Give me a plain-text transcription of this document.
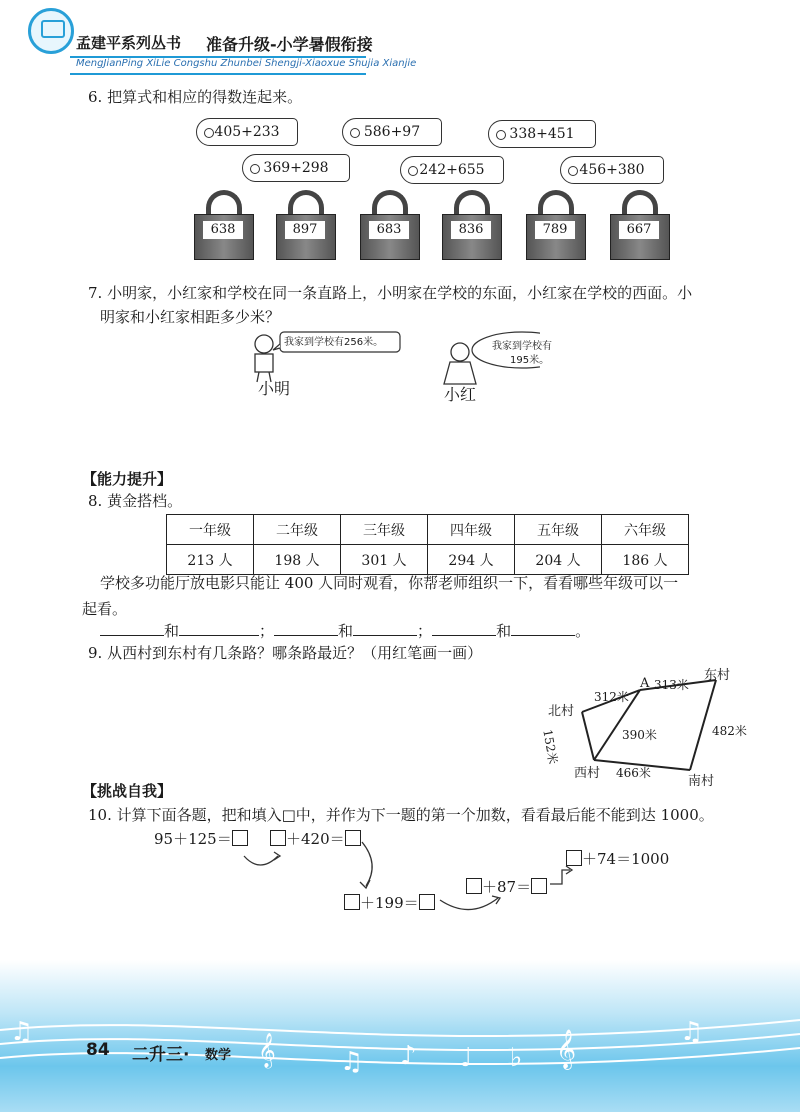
孟建平系列丛书 准备升级-小学暑假衔接
MengJianPing XiLie Congshu Zhunbei Shengji-Xiaoxue Shujia Xianjie
6. 把算式和相应的得数连起来。
405+233	586+97	338+451
369+298	242+655	456+380
638	897	683	836	789	667
7. 小明家，小红家和学校在同一条直路上，小明家在学校的东面，小红家在学校的西面。小
明家和小红家相距多少米？
我家到学校有256米。	我家到学校有
195米。
小明	小红
【能力提升】
8. 黄金搭档。
一年级	二年级	三年级	四年级	五年级	六年级
213 人	198 人	301 人	294 人	204 人	186 人
学校多功能厅放电影只能让 400 人同时观看，你帮老师组织一下，看看哪些年级可以一
起看。
和	；	和	；	和	。
9. 从西村到东村有几条路？哪条路最近？（用红笔画一画）
东村
北村
西村
南村
A
312米
313米
390米	482米
152米
466米
【挑战自我】
10. 计算下面各题，把和填入□中，并作为下一题的第一个加数，看看最后能不能到达 1000。
95＋125＝	＋420＝
＋199＝
＋87＝
＋74＝1000
𝄞	𝄞
♫ ♪ ♩ ♭
♫
♫
84 二升三· 数学
